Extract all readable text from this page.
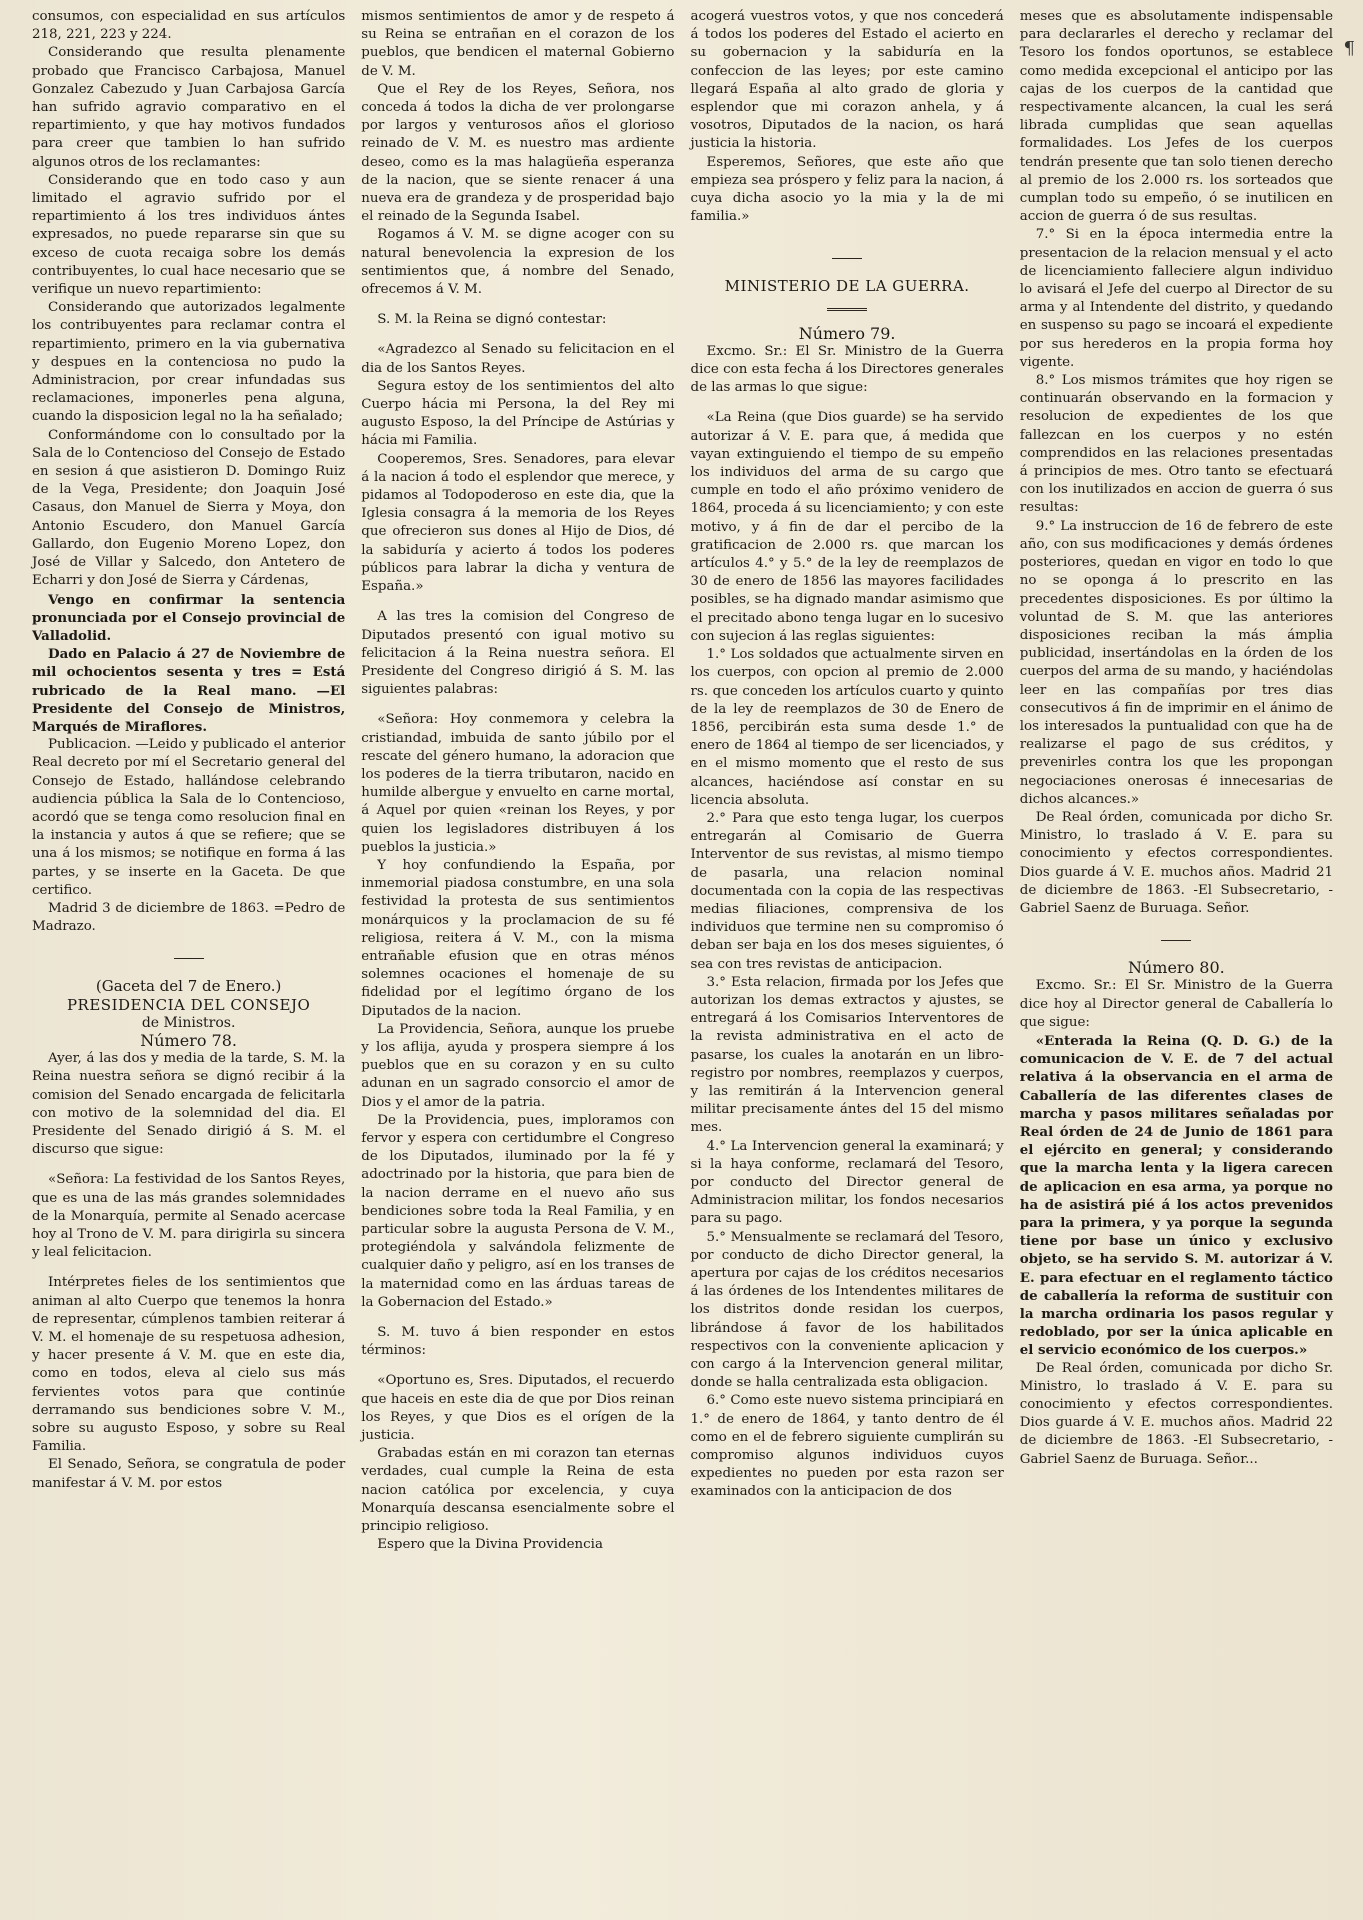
¶

consumos, con especialidad en sus artículos 218, 221, 223 y 224.

Considerando que resulta plenamente probado que Francisco Carbajosa, Manuel Gonzalez Cabezudo y Juan Carbajosa García han sufrido agravio comparativo en el repartimiento, y que hay motivos fundados para creer que tambien lo han sufrido algunos otros de los reclamantes:

Considerando que en todo caso y aun limitado el agravio sufrido por el repartimiento á los tres individuos ántes expresados, no puede repararse sin que su exceso de cuota recaiga sobre los demás contribuyentes, lo cual hace necesario que se verifique un nuevo repartimiento:

Considerando que autorizados legalmente los contribuyentes para reclamar contra el repartimiento, primero en la via gubernativa y despues en la contenciosa no pudo la Administracion, por crear infundadas sus reclamaciones, imponerles pena alguna, cuando la disposicion legal no la ha señalado;

Conformándome con lo consultado por la Sala de lo Contencioso del Consejo de Estado en sesion á que asistieron D. Domingo Ruiz de la Vega, Presidente; don Joaquin José Casaus, don Manuel de Sierra y Moya, don Antonio Escudero, don Manuel García Gallardo, don Eugenio Moreno Lopez, don José de Villar y Salcedo, don Antetero de Echarri y don José de Sierra y Cárdenas,

Vengo en confirmar la sentencia pronunciada por el Consejo provincial de Valladolid.

Dado en Palacio á 27 de Noviembre de mil ochocientos sesenta y tres = Está rubricado de la Real mano. —El Presidente del Consejo de Ministros, Marqués de Miraflores.

Publicacion. —Leido y publicado el anterior Real decreto por mí el Secretario general del Consejo de Estado, hallándose celebrando audiencia pública la Sala de lo Contencioso, acordó que se tenga como resolucion final en la instancia y autos á que se refiere; que se una á los mismos; se notifique en forma á las partes, y se inserte en la Gaceta. De que certifico.

Madrid 3 de diciembre de 1863. =Pedro de Madrazo.

(Gaceta del 7 de Enero.)

PRESIDENCIA DEL CONSEJO

de Ministros.

Número 78.

Ayer, á las dos y media de la tarde, S. M. la Reina nuestra señora se dignó recibir á la comision del Senado encargada de felicitarla con motivo de la solemnidad del dia. El Presidente del Senado dirigió á S. M. el discurso que sigue:

«Señora: La festividad de los Santos Reyes, que es una de las más grandes solemnidades de la Monarquía, permite al Senado acercase hoy al Trono de V. M. para dirigirla su sincera y leal felicitacion.

Intérpretes fieles de los sentimientos que animan al alto Cuerpo que tenemos la honra de representar, cúmplenos tambien reiterar á V. M. el homenaje de su respetuosa adhesion, y hacer presente á V. M. que en este dia, como en todos, eleva al cielo sus más fervientes votos para que continúe derramando sus bendiciones sobre V. M., sobre su augusto Esposo, y sobre su Real Familia.

El Senado, Señora, se congratula de poder manifestar á V. M. por estos

mismos sentimientos de amor y de respeto á su Reina se entrañan en el corazon de los pueblos, que bendicen el maternal Gobierno de V. M.

Que el Rey de los Reyes, Señora, nos conceda á todos la dicha de ver prolongarse por largos y venturosos años el glorioso reinado de V. M. es nuestro mas ardiente deseo, como es la mas halagüeña esperanza de la nacion, que se siente renacer á una nueva era de grandeza y de prosperidad bajo el reinado de la Segunda Isabel.

Rogamos á V. M. se digne acoger con su natural benevolencia la expresion de los sentimientos que, á nombre del Senado, ofrecemos á V. M.

S. M. la Reina se dignó contestar:

«Agradezco al Senado su felicitacion en el dia de los Santos Reyes.

Segura estoy de los sentimientos del alto Cuerpo hácia mi Persona, la del Rey mi augusto Esposo, la del Príncipe de Astúrias y hácia mi Familia.

Cooperemos, Sres. Senadores, para elevar á la nacion á todo el esplendor que merece, y pidamos al Todopoderoso en este dia, que la Iglesia consagra á la memoria de los Reyes que ofrecieron sus dones al Hijo de Dios, dé la sabiduría y acierto á todos los poderes públicos para labrar la dicha y ventura de España.»

A las tres la comision del Congreso de Diputados presentó con igual motivo su felicitacion á la Reina nuestra señora. El Presidente del Congreso dirigió á S. M. las siguientes palabras:

«Señora: Hoy conmemora y celebra la cristiandad, imbuida de santo júbilo por el rescate del género humano, la adoracion que los poderes de la tierra tributaron, nacido en humilde albergue y envuelto en carne mortal, á Aquel por quien «reinan los Reyes, y por quien los legisladores distribuyen á los pueblos la justicia.»

Y hoy confundiendo la España, por inmemorial piadosa constumbre, en una sola festividad la protesta de sus sentimientos monárquicos y la proclamacion de su fé religiosa, reitera á V. M., con la misma entrañable efusion que en otras ménos solemnes ocaciones el homenaje de su fidelidad por el legítimo órgano de los Diputados de la nacion.

La Providencia, Señora, aunque los pruebe y los aflija, ayuda y prospera siempre á los pueblos que en su corazon y en su culto adunan en un sagrado consorcio el amor de Dios y el amor de la patria.

De la Providencia, pues, imploramos con fervor y espera con certidumbre el Congreso de los Diputados, iluminado por la fé y adoctrinado por la historia, que para bien de la nacion derrame en el nuevo año sus bendiciones sobre toda la Real Familia, y en particular sobre la augusta Persona de V. M., protegiéndola y salvándola felizmente de cualquier daño y peligro, así en los transes de la maternidad como en las árduas tareas de la Gobernacion del Estado.»

S. M. tuvo á bien responder en estos términos:

«Oportuno es, Sres. Diputados, el recuerdo que haceis en este dia de que por Dios reinan los Reyes, y que Dios es el orígen de la justicia.

Grabadas están en mi corazon tan eternas verdades, cual cumple la Reina de esta nacion católica por excelencia, y cuya Monarquía descansa esencialmente sobre el principio religioso.

Espero que la Divina Providencia

acogerá vuestros votos, y que nos concederá á todos los poderes del Estado el acierto en su gobernacion y la sabiduría en la confeccion de las leyes; por este camino llegará España al alto grado de gloria y esplendor que mi corazon anhela, y á vosotros, Diputados de la nacion, os hará justicia la historia.

Esperemos, Señores, que este año que empieza sea próspero y feliz para la nacion, á cuya dicha asocio yo la mia y la de mi familia.»

MINISTERIO DE LA GUERRA.

Número 79.

Excmo. Sr.: El Sr. Ministro de la Guerra dice con esta fecha á los Directores generales de las armas lo que sigue:

«La Reina (que Dios guarde) se ha servido autorizar á V. E. para que, á medida que vayan extinguiendo el tiempo de su empeño los individuos del arma de su cargo que cumple en todo el año próximo venidero de 1864, proceda á su licenciamiento; y con este motivo, y á fin de dar el percibo de la gratificacion de 2.000 rs. que marcan los artículos 4.° y 5.° de la ley de reemplazos de 30 de enero de 1856 las mayores facilidades posibles, se ha dignado mandar asimismo que el precitado abono tenga lugar en lo sucesivo con sujecion á las reglas siguientes:

1.° Los soldados que actualmente sirven en los cuerpos, con opcion al premio de 2.000 rs. que conceden los artículos cuarto y quinto de la ley de reemplazos de 30 de Enero de 1856, percibirán esta suma desde 1.° de enero de 1864 al tiempo de ser licenciados, y en el mismo momento que el resto de sus alcances, haciéndose así constar en su licencia absoluta.

2.° Para que esto tenga lugar, los cuerpos entregarán al Comisario de Guerra Interventor de sus revistas, al mismo tiempo de pasarla, una relacion nominal documentada con la copia de las respectivas medias filiaciones, comprensiva de los individuos que termine nen su compromiso ó deban ser baja en los dos meses siguientes, ó sea con tres revistas de anticipacion.

3.° Esta relacion, firmada por los Jefes que autorizan los demas extractos y ajustes, se entregará á los Comisarios Interventores de la revista administrativa en el acto de pasarse, los cuales la anotarán en un libro-registro por nombres, reemplazos y cuerpos, y las remitirán á la Intervencion general militar precisamente ántes del 15 del mismo mes.

4.° La Intervencion general la examinará; y si la haya conforme, reclamará del Tesoro, por conducto del Director general de Administracion militar, los fondos necesarios para su pago.

5.° Mensualmente se reclamará del Tesoro, por conducto de dicho Director general, la apertura por cajas de los créditos necesarios á las órdenes de los Intendentes militares de los distritos donde residan los cuerpos, librándose á favor de los habilitados respectivos con la conveniente aplicacion y con cargo á la Intervencion general militar, donde se halla centralizada esta obligacion.

6.° Como este nuevo sistema principiará en 1.° de enero de 1864, y tanto dentro de él como en el de febrero siguiente cumplirán su compromiso algunos individuos cuyos expedientes no pueden por esta razon ser examinados con la anticipacion de dos

meses que es absolutamente indispensable para declararles el derecho y reclamar del Tesoro los fondos oportunos, se establece como medida excepcional el anticipo por las cajas de los cuerpos de la cantidad que respectivamente alcancen, la cual les será librada cumplidas que sean aquellas formalidades. Los Jefes de los cuerpos tendrán presente que tan solo tienen derecho al premio de los 2.000 rs. los sorteados que cumplan todo su empeño, ó se inutilicen en accion de guerra ó de sus resultas.

7.° Si en la época intermedia entre la presentacion de la relacion mensual y el acto de licenciamiento falleciere algun individuo lo avisará el Jefe del cuerpo al Director de su arma y al Intendente del distrito, y quedando en suspenso su pago se incoará el expediente por sus herederos en la propia forma hoy vigente.

8.° Los mismos trámites que hoy rigen se continuarán observando en la formacion y resolucion de expedientes de los que fallezcan en los cuerpos y no estén comprendidos en las relaciones presentadas á principios de mes. Otro tanto se efectuará con los inutilizados en accion de guerra ó sus resultas:

9.° La instruccion de 16 de febrero de este año, con sus modificaciones y demás órdenes posteriores, quedan en vigor en todo lo que no se oponga á lo prescrito en las precedentes disposiciones. Es por último la voluntad de S. M. que las anteriores disposiciones reciban la más ámplia publicidad, insertándolas en la órden de los cuerpos del arma de su mando, y haciéndolas leer en las compañías por tres dias consecutivos á fin de imprimir en el ánimo de los interesados la puntualidad con que ha de realizarse el pago de sus créditos, y prevenirles contra los que les propongan negociaciones onerosas é innecesarias de dichos alcances.»

De Real órden, comunicada por dicho Sr. Ministro, lo traslado á V. E. para su conocimiento y efectos correspondientes. Dios guarde á V. E. muchos años. Madrid 21 de diciembre de 1863. -El Subsecretario, -Gabriel Saenz de Buruaga. Señor.

Número 80.

Excmo. Sr.: El Sr. Ministro de la Guerra dice hoy al Director general de Caballería lo que sigue:

«Enterada la Reina (Q. D. G.) de la comunicacion de V. E. de 7 del actual relativa á la observancia en el arma de Caballería de las diferentes clases de marcha y pasos militares señaladas por Real órden de 24 de Junio de 1861 para el ejército en general; y considerando que la marcha lenta y la ligera carecen de aplicacion en esa arma, ya porque no ha de asistirá pié á los actos prevenidos para la primera, y ya porque la segunda tiene por base un único y exclusivo objeto, se ha servido S. M. autorizar á V. E. para efectuar en el reglamento táctico de caballería la reforma de sustituir con la marcha ordinaria los pasos regular y redoblado, por ser la única aplicable en el servicio económico de los cuerpos.»

De Real órden, comunicada por dicho Sr. Ministro, lo traslado á V. E. para su conocimiento y efectos correspondientes. Dios guarde á V. E. muchos años. Madrid 22 de diciembre de 1863. -El Subsecretario, -Gabriel Saenz de Buruaga. Señor...
